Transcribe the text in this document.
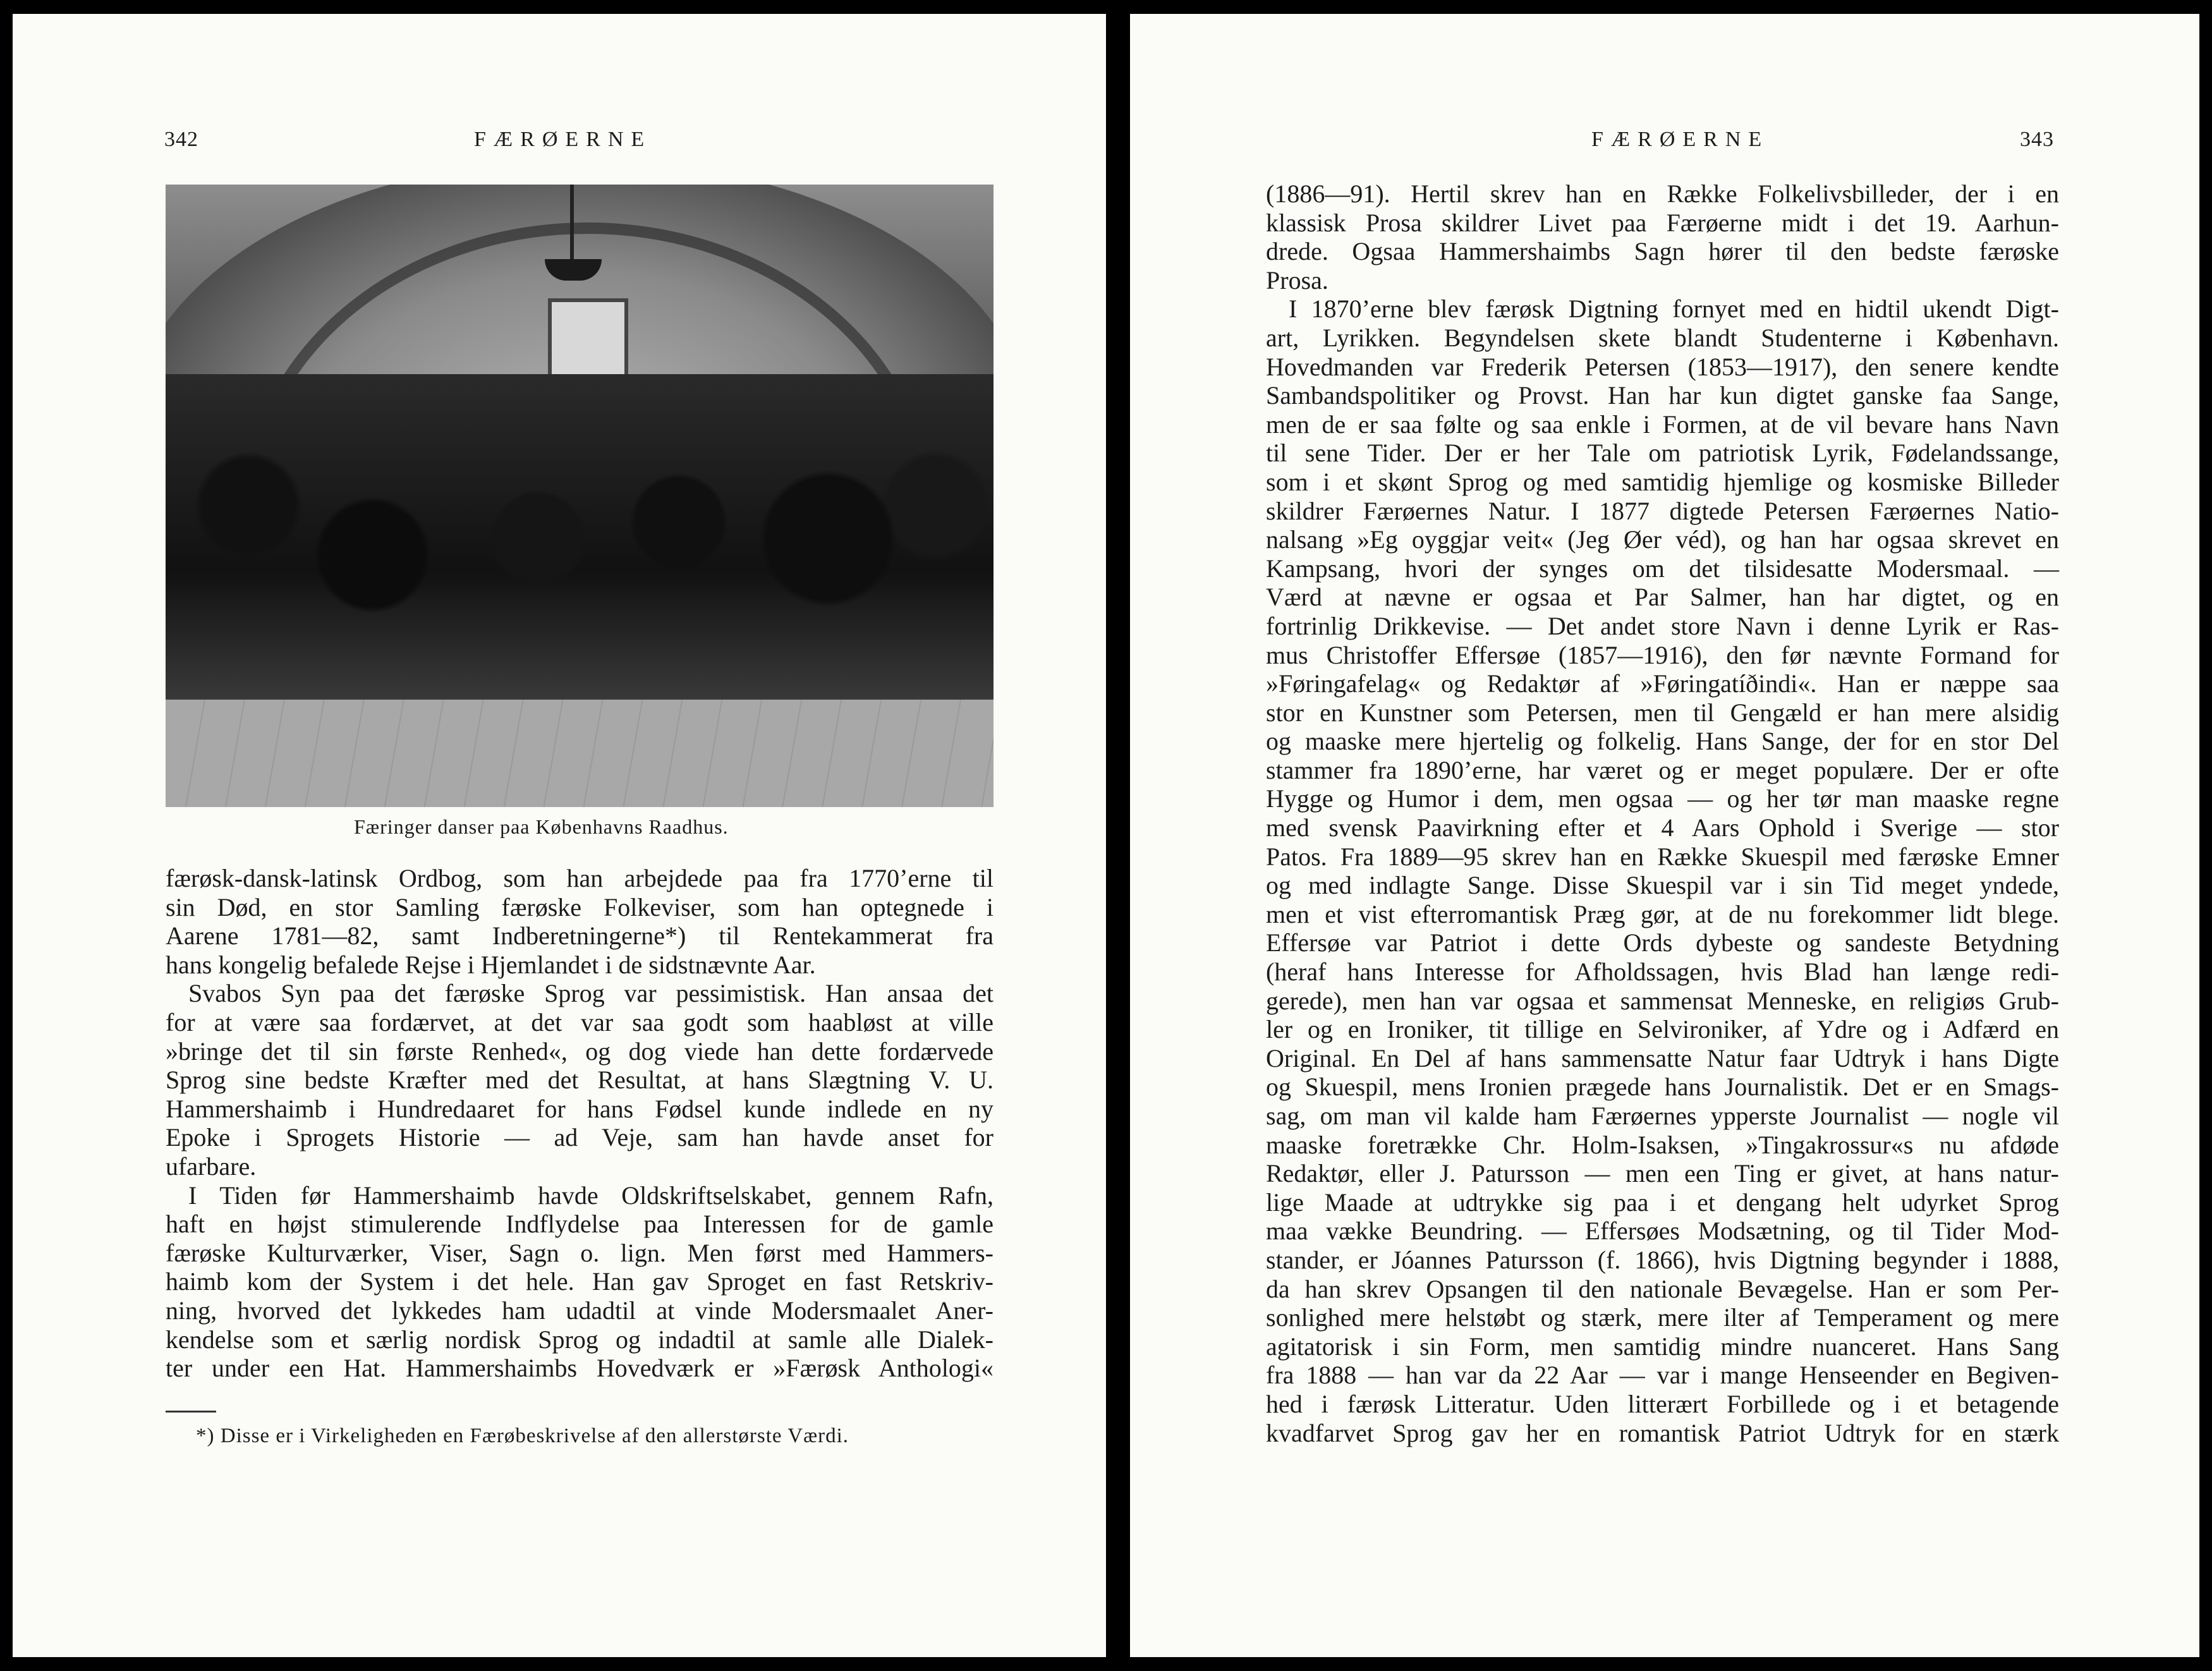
342	FÆRØERNE
Færinger danser paa Københavns Raadhus.
færøsk-dansk-latinsk Ordbog, som han arbejdede paa fra 1770’erne til
sin Død, en stor Samling færøske Folkeviser, som han optegnede i
Aarene 1781—82, samt Indberetningerne*) til Rentekammerat fra
hans kongelig befalede Rejse i Hjemlandet i de sidstnævnte Aar.
Svabos Syn paa det færøske Sprog var pessimistisk. Han ansaa det
for at være saa fordærvet, at det var saa godt som haabløst at ville
»bringe det til sin første Renhed«, og dog viede han dette fordærvede
Sprog sine bedste Kræfter med det Resultat, at hans Slægtning V. U.
Hammershaimb i Hundredaaret for hans Fødsel kunde indlede en ny
Epoke i Sprogets Historie — ad Veje, sam han havde anset for
ufarbare.
I Tiden før Hammershaimb havde Oldskriftselskabet, gennem Rafn,
haft en højst stimulerende Indflydelse paa Interessen for de gamle
færøske Kulturværker, Viser, Sagn o. lign. Men først med Hammers-
haimb kom der System i det hele. Han gav Sproget en fast Retskriv-
ning, hvorved det lykkedes ham udadtil at vinde Modersmaalet Aner-
kendelse som et særlig nordisk Sprog og indadtil at samle alle Dialek-
ter under een Hat. Hammershaimbs Hovedværk er »Færøsk Anthologi«
*) Disse er i Virkeligheden en Færøbeskrivelse af den allerstørste Værdi.
FÆRØERNE	343
(1886—91). Hertil skrev han en Række Folkelivsbilleder, der i en
klassisk Prosa skildrer Livet paa Færøerne midt i det 19. Aarhun-
drede. Ogsaa Hammershaimbs Sagn hører til den bedste færøske
Prosa.
I 1870’erne blev færøsk Digtning fornyet med en hidtil ukendt Digt-
art, Lyrikken. Begyndelsen skete blandt Studenterne i København.
Hovedmanden var Frederik Petersen (1853—1917), den senere kendte
Sambandspolitiker og Provst. Han har kun digtet ganske faa Sange,
men de er saa følte og saa enkle i Formen, at de vil bevare hans Navn
til sene Tider. Der er her Tale om patriotisk Lyrik, Fødelandssange,
som i et skønt Sprog og med samtidig hjemlige og kosmiske Billeder
skildrer Færøernes Natur. I 1877 digtede Petersen Færøernes Natio-
nalsang »Eg oyggjar veit« (Jeg Øer véd), og han har ogsaa skrevet en
Kampsang, hvori der synges om det tilsidesatte Modersmaal. —
Værd at nævne er ogsaa et Par Salmer, han har digtet, og en
fortrinlig Drikkevise. — Det andet store Navn i denne Lyrik er Ras-
mus Christoffer Effersøe (1857—1916), den før nævnte Formand for
»Føringafelag« og Redaktør af »Føringatíðindi«. Han er næppe saa
stor en Kunstner som Petersen, men til Gengæld er han mere alsidig
og maaske mere hjertelig og folkelig. Hans Sange, der for en stor Del
stammer fra 1890’erne, har været og er meget populære. Der er ofte
Hygge og Humor i dem, men ogsaa — og her tør man maaske regne
med svensk Paavirkning efter et 4 Aars Ophold i Sverige — stor
Patos. Fra 1889—95 skrev han en Række Skuespil med færøske Emner
og med indlagte Sange. Disse Skuespil var i sin Tid meget yndede,
men et vist efterromantisk Præg gør, at de nu forekommer lidt blege.
Effersøe var Patriot i dette Ords dybeste og sandeste Betydning
(heraf hans Interesse for Afholdssagen, hvis Blad han længe redi-
gerede), men han var ogsaa et sammensat Menneske, en religiøs Grub-
ler og en Ironiker, tit tillige en Selvironiker, af Ydre og i Adfærd en
Original. En Del af hans sammensatte Natur faar Udtryk i hans Digte
og Skuespil, mens Ironien prægede hans Journalistik. Det er en Smags-
sag, om man vil kalde ham Færøernes ypperste Journalist — nogle vil
maaske foretrække Chr. Holm-Isaksen, »Tingakrossur«s nu afdøde
Redaktør, eller J. Patursson — men een Ting er givet, at hans natur-
lige Maade at udtrykke sig paa i et dengang helt udyrket Sprog
maa vække Beundring. — Effersøes Modsætning, og til Tider Mod-
stander, er Jóannes Patursson (f. 1866), hvis Digtning begynder i 1888,
da han skrev Opsangen til den nationale Bevægelse. Han er som Per-
sonlighed mere helstøbt og stærk, mere ilter af Temperament og mere
agitatorisk i sin Form, men samtidig mindre nuanceret. Hans Sang
fra 1888 — han var da 22 Aar — var i mange Henseender en Begiven-
hed i færøsk Litteratur. Uden litterært Forbillede og i et betagende
kvadfarvet Sprog gav her en romantisk Patriot Udtryk for en stærk
